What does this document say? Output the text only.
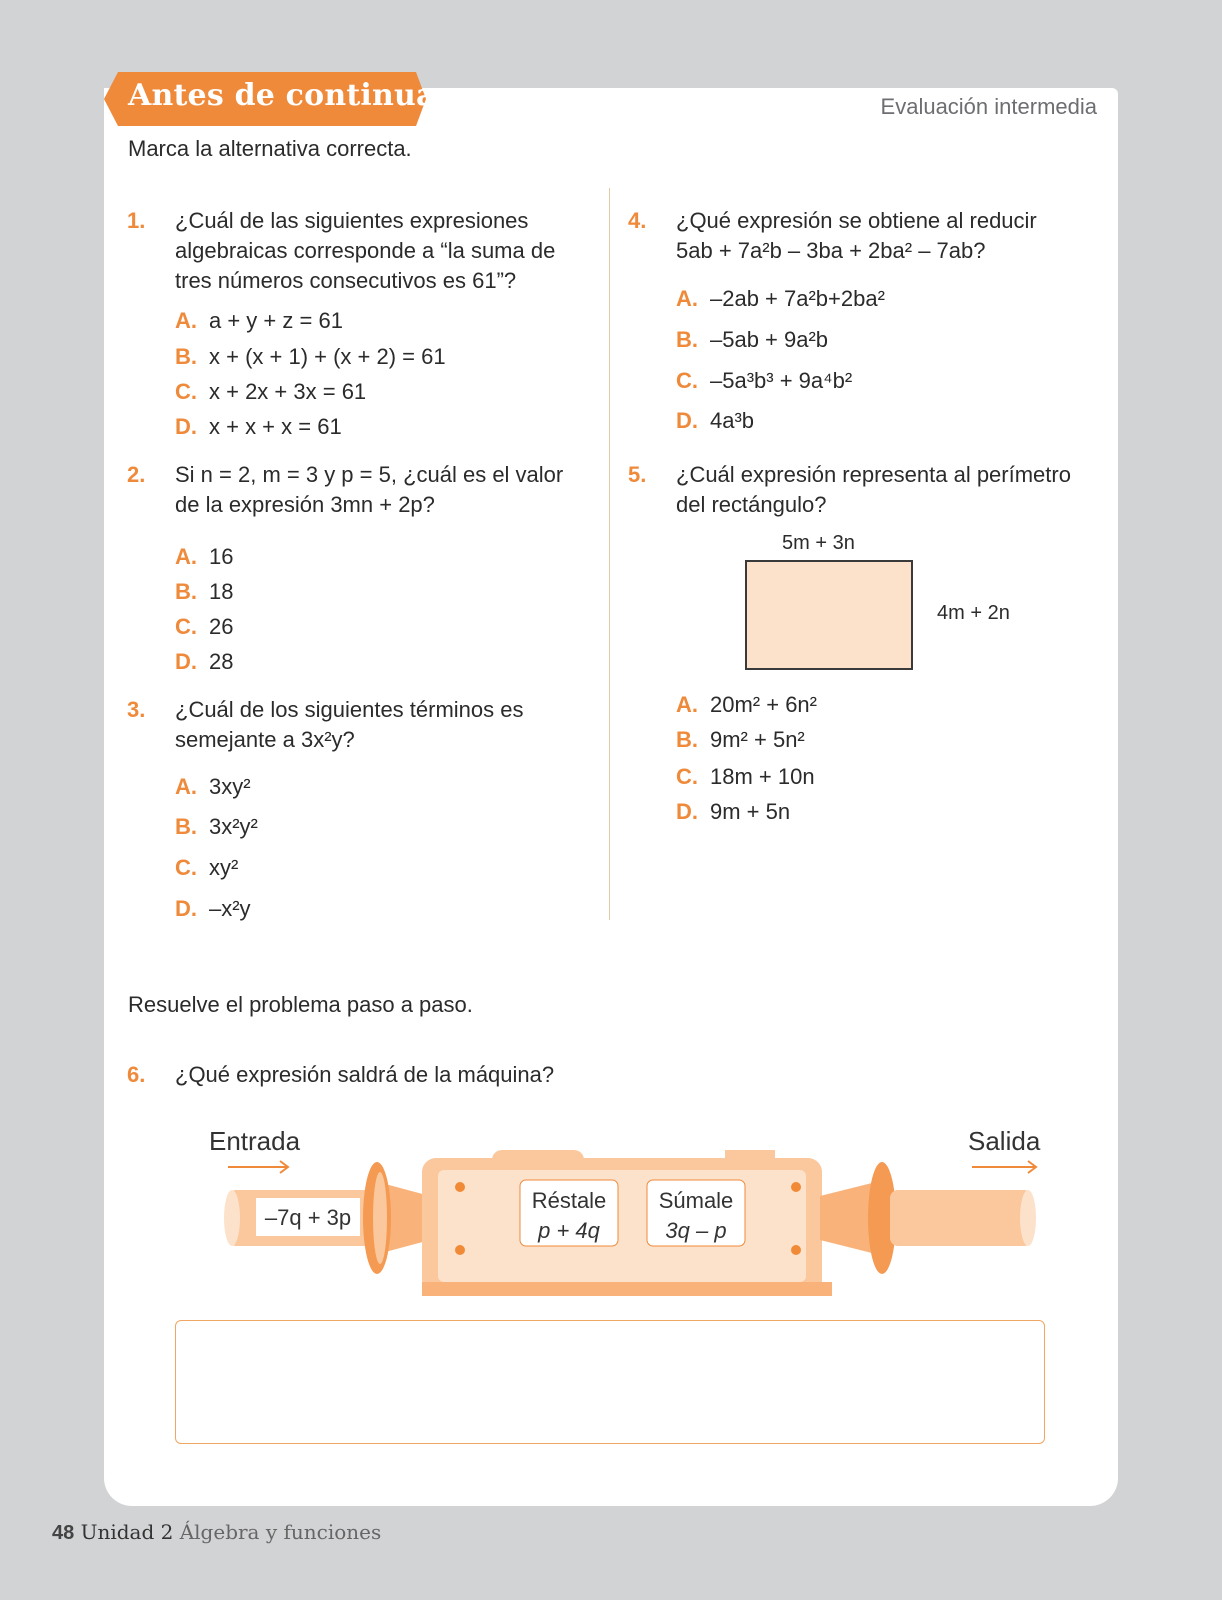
Antes de continuar	Evaluación intermedia
Marca la alternativa correcta.
1. ¿Cuál de las siguientes expresiones
algebraicas corresponde a “la suma de
tres números consecutivos es 61”?
A. a + y + z = 61
B. x + (x + 1) + (x + 2) = 61
C. x + 2x + 3x = 61
D. x + x + x = 61
2. Si n = 2, m = 3 y p = 5, ¿cuál es el valor
de la expresión 3mn + 2p?
A. 16
B. 18
C. 26
D. 28
3. ¿Cuál de los siguientes términos es
semejante a 3x²y?
A. 3xy²
B. 3x²y²
C. xy²
D. –x²y
4. ¿Qué expresión se obtiene al reducir
5ab + 7a²b – 3ba + 2ba² – 7ab?
A. –2ab + 7a²b+2ba²
B. –5ab + 9a²b
C. –5a³b³ + 9a⁴b²
D. 4a³b
5. ¿Cuál expresión representa al perímetro
del rectángulo?
5m + 3n
4m + 2n
A. 20m² + 6n²
B. 9m² + 5n²
C. 18m + 10n
D. 9m + 5n
Resuelve el problema paso a paso.
6. ¿Qué expresión saldrá de la máquina?
Entrada	Salida
–7q + 3p
Réstale
p + 4q
Súmale
3q – p
48 Unidad 2 Álgebra y funciones
